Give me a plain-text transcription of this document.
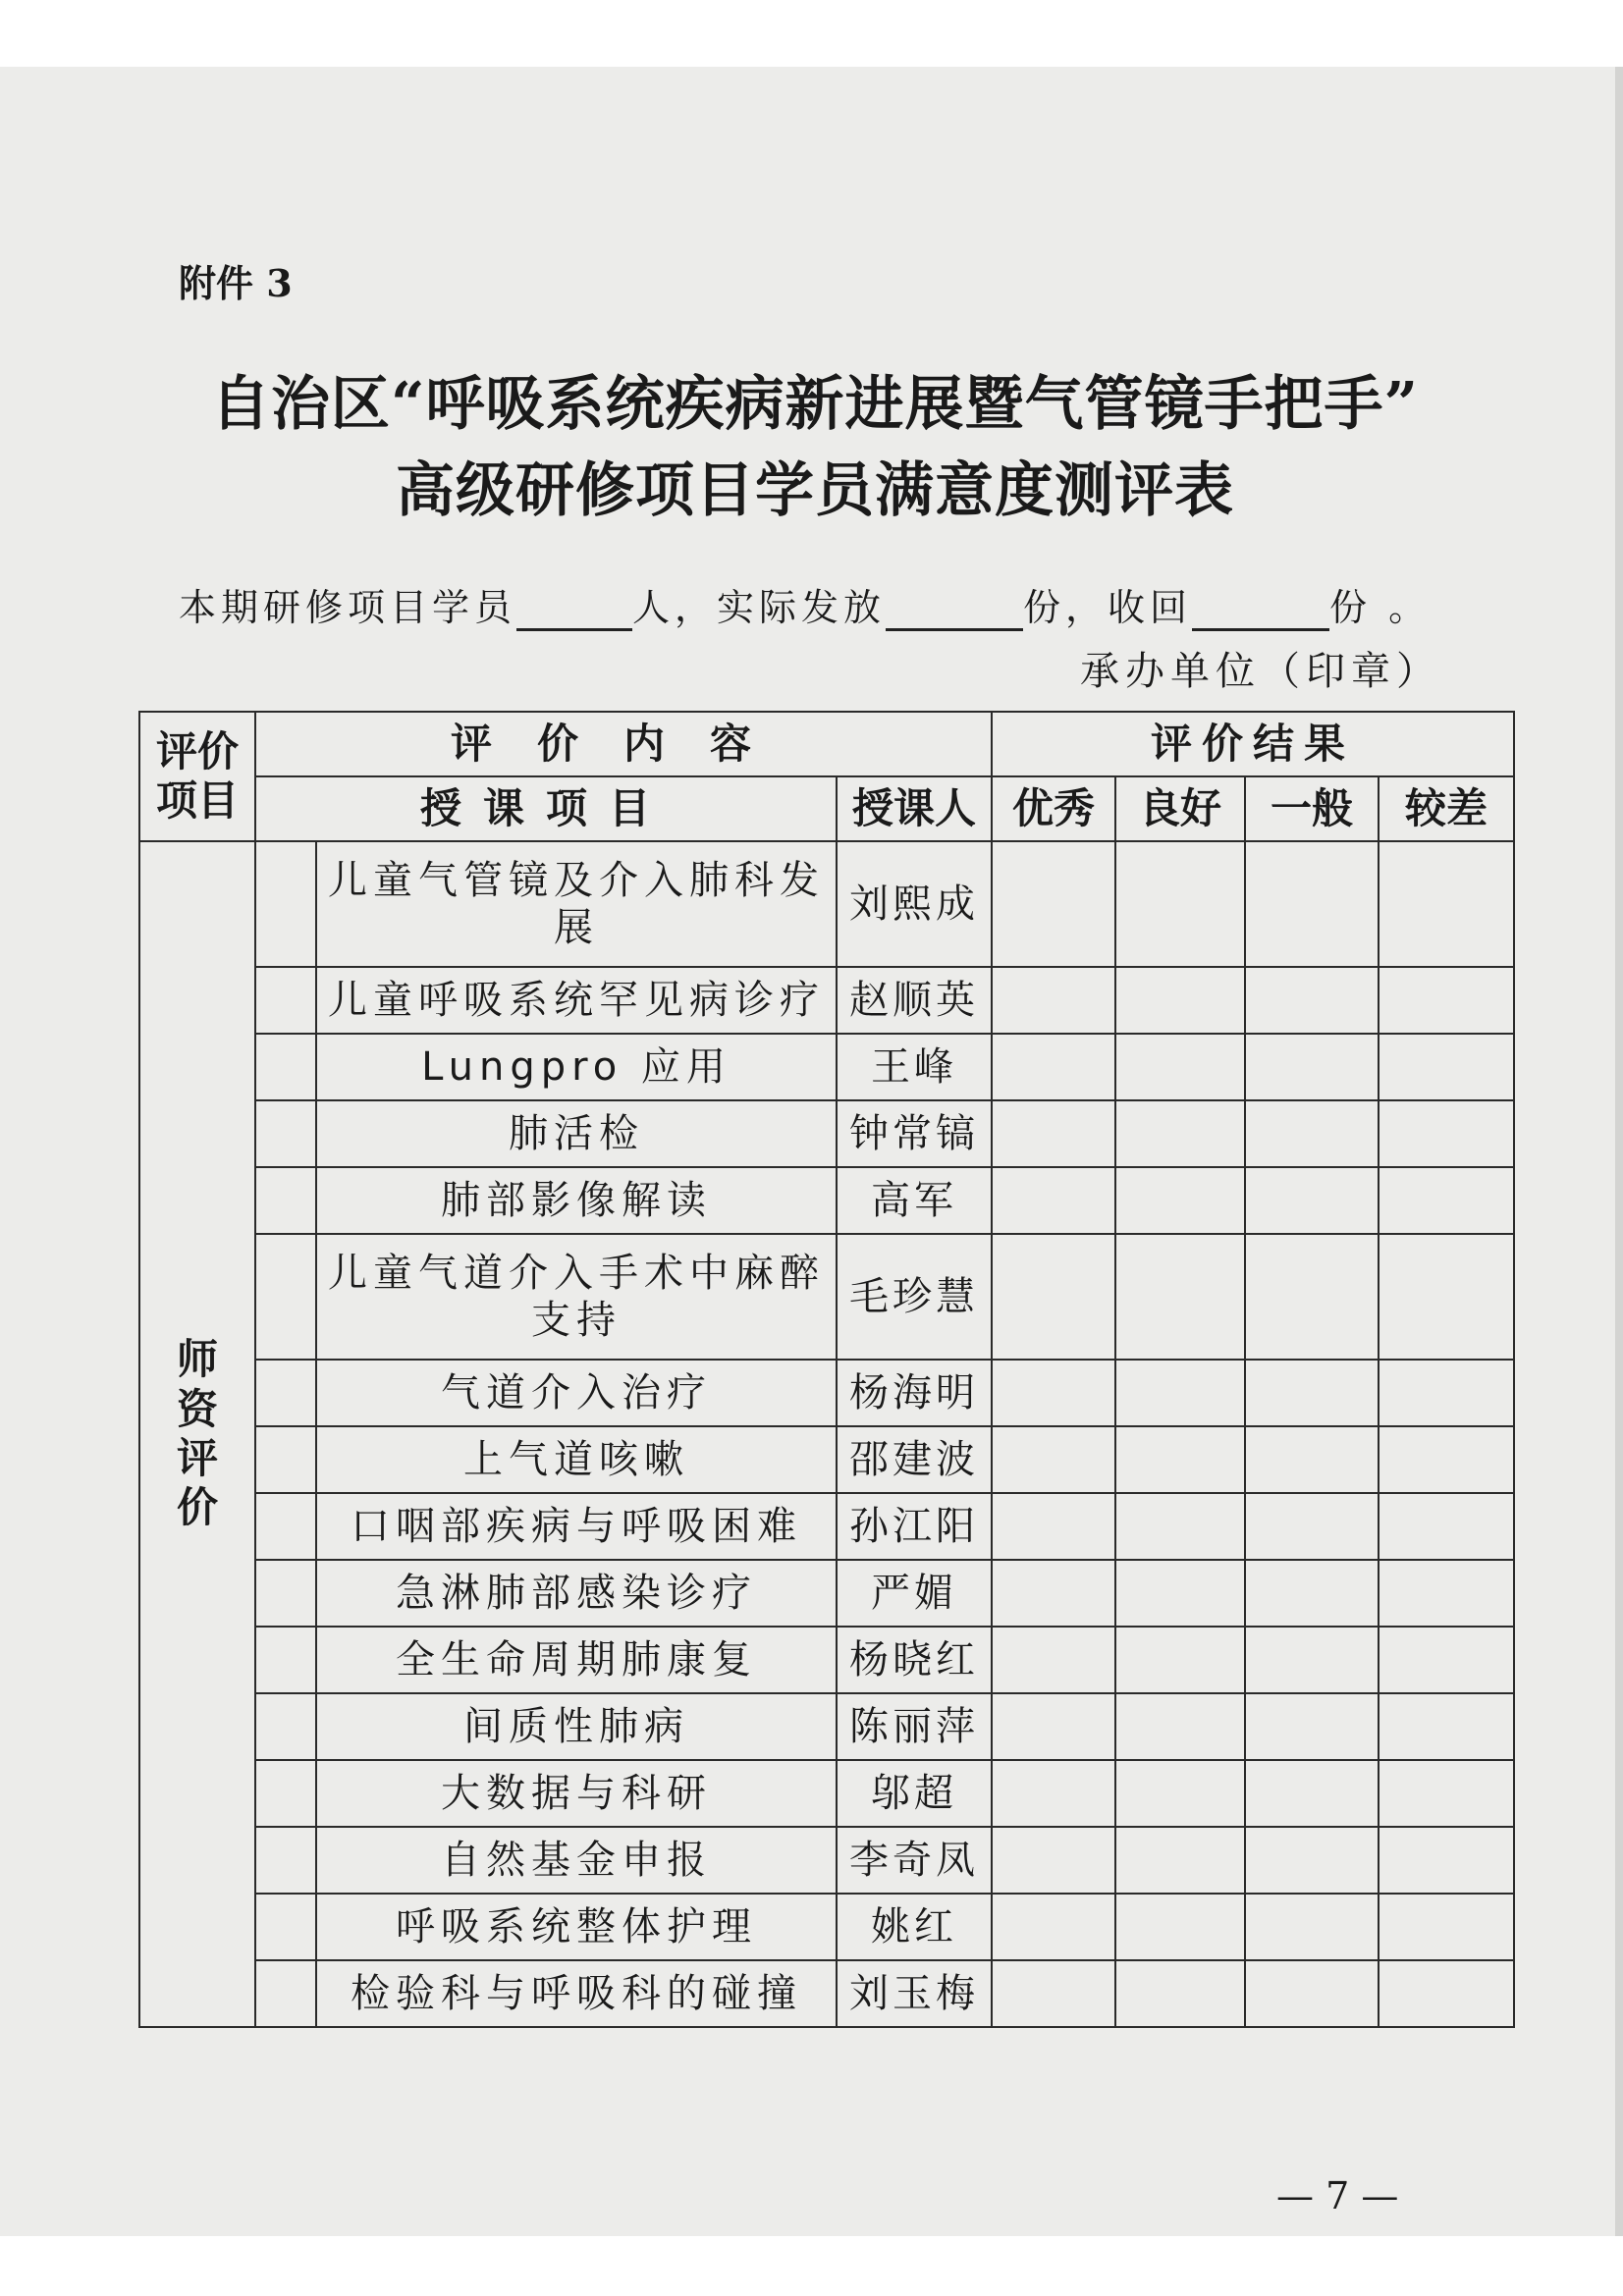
附件 3
自治区“呼吸系统疾病新进展暨气管镜手把手”
高级研修项目学员满意度测评表
本期研修项目学员	人，实际发放	份，收回	份 。
承办单位（印章）
评价
项目	评价内容			评价结果			
	授课项目		授课人	优秀	良好	一般	较差

师
资
评
价		儿童气管镜及介入肺科发展	刘熙成				
		儿童呼吸系统罕见病诊疗	赵顺英				
		Lungpro 应用	王峰				
		肺活检	钟常镐				
		肺部影像解读	高军				
		儿童气道介入手术中麻醉支持	毛珍慧				
		气道介入治疗	杨海明				
		上气道咳嗽	邵建波				
		口咽部疾病与呼吸困难	孙江阳				
		急淋肺部感染诊疗	严媚				
		全生命周期肺康复	杨晓红				
		间质性肺病	陈丽萍				
		大数据与科研	邬超				
		自然基金申报	李奇凤				
		呼吸系统整体护理	姚红				
		检验科与呼吸科的碰撞	刘玉梅				
— 7 —
